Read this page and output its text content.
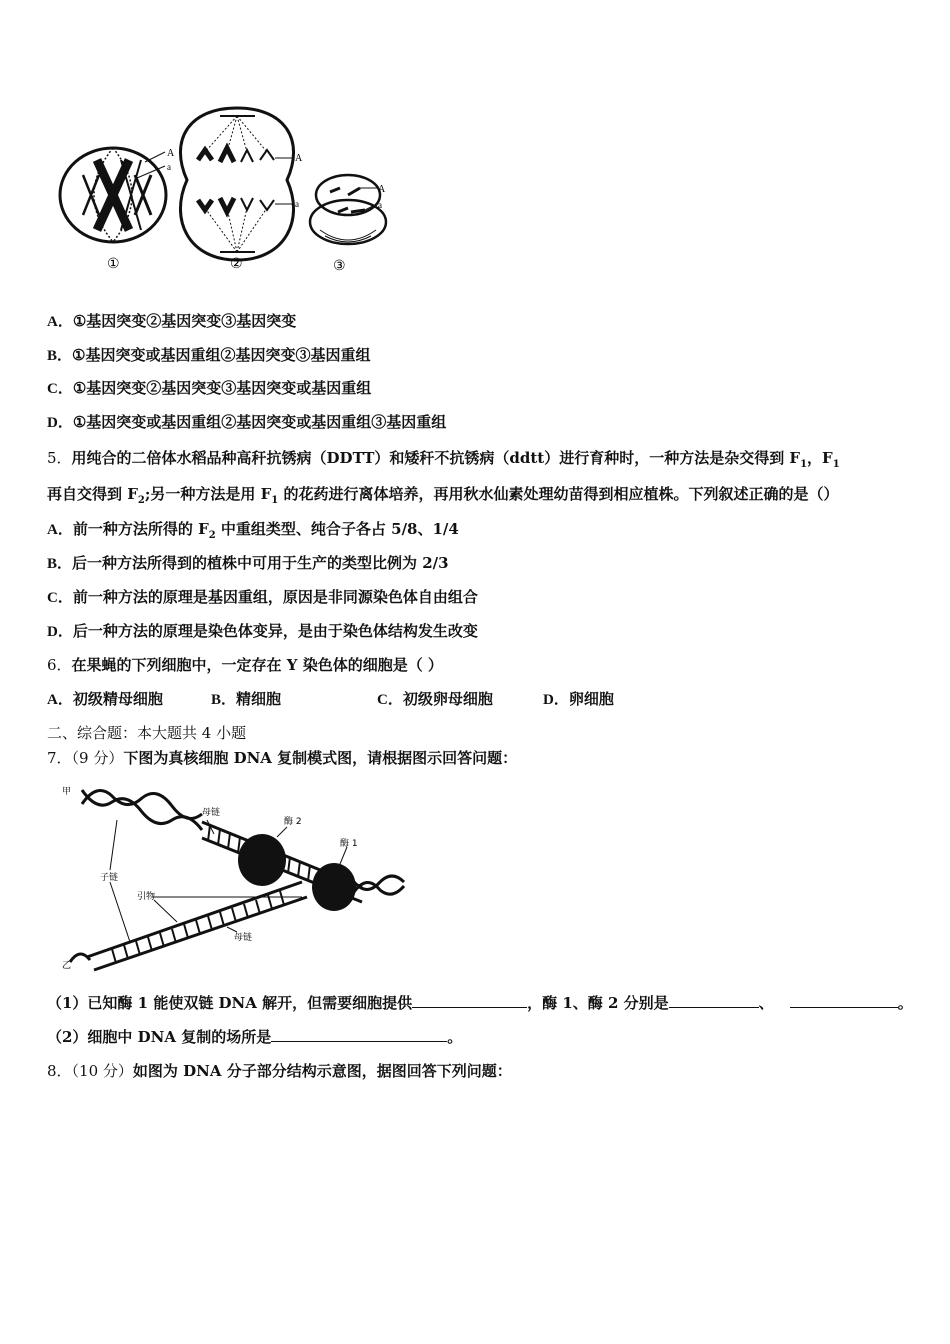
A
a
①
A
a
②
A
a
③
A．①基因突变②基因突变③基因突变
B．①基因突变或基因重组②基因突变③基因重组
C．①基因突变②基因突变③基因突变或基因重组
D．①基因突变或基因重组②基因突变或基因重组③基因重组
5．用纯合的二倍体水稻品种高秆抗锈病（DDTT）和矮秆不抗锈病（ddtt）进行育种时，一种方法是杂交得到 $F_1$，$F_1$
再自交得到 $F_2$;另一种方法是用 $F_1$ 的花药进行离体培养，再用秋水仙素处理幼苗得到相应植株。下列叙述正确的是（）
A．前一种方法所得的 $F_2$ 中重组类型、纯合子各占 5/8、1/4
B．后一种方法所得到的植株中可用于生产的类型比例为 2/3
C．前一种方法的原理是基因重组，原因是非同源染色体自由组合
D．后一种方法的原理是染色体变异，是由于染色体结构发生改变
6．在果蝇的下列细胞中，一定存在 Y 染色体的细胞是（ ）
A．初级精母细胞	B．精细胞	C．初级卵母细胞	D．卵细胞
二、综合题：本大题共 4 小题
7．（9 分）下图为真核细胞 DNA 复制模式图，请根据图示回答问题：
甲
乙
母链
酶 2
酶 1
子链
引物
母链
（1）已知酶 1 能使双链 DNA 解开，但需要细胞提供	，酶 1、酶 2 分别是	、	。
（2）细胞中 DNA 复制的场所是	。
8．（10 分）如图为 DNA 分子部分结构示意图，据图回答下列问题：
